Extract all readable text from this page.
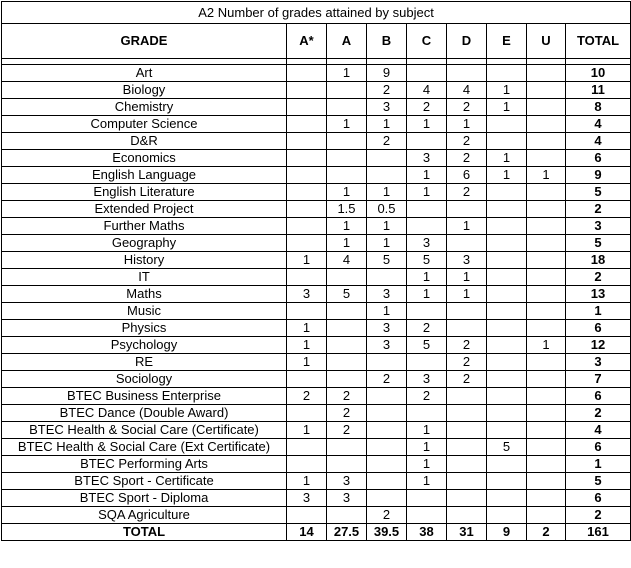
A2 Number of grades attained by subject								
GRADE	A*	A	B	C	D	E	U	TOTAL

Art		1	9					10
Biology			2	4	4	1		11
Chemistry			3	2	2	1		8
Computer Science		1	1	1	1			4
D&R			2		2			4
Economics				3	2	1		6
English Language				1	6	1	1	9
English Literature		1	1	1	2			5
Extended Project		1.5	0.5					2
Further Maths		1	1		1			3
Geography		1	1	3				5
History	1	4	5	5	3			18
IT				1	1			2
Maths	3	5	3	1	1			13
Music			1					1
Physics	1		3	2				6
Psychology	1		3	5	2		1	12
RE	1				2			3
Sociology			2	3	2			7
BTEC Business Enterprise	2	2		2				6
BTEC Dance (Double Award)		2						2
BTEC Health & Social Care (Certificate)	1	2		1				4
BTEC Health & Social Care (Ext Certificate)				1		5		6
BTEC Performing Arts				1				1
BTEC Sport - Certificate	1	3		1				5
BTEC Sport - Diploma	3	3						6
SQA Agriculture			2					2
TOTAL	14	27.5	39.5	38	31	9	2	161
